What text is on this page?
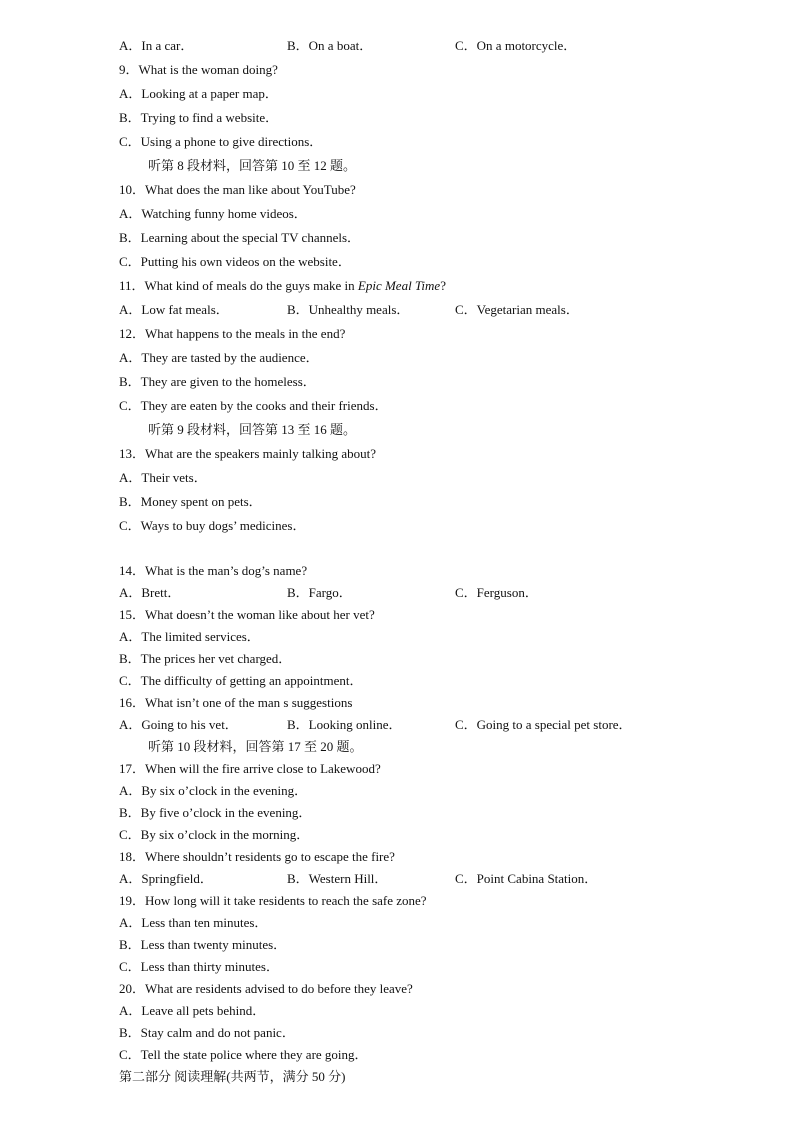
A．In a car．	B．On a boat．	C．On a motorcycle．
9．What is the woman doing?
A．Looking at a paper map．
B．Trying to find a website．
C．Using a phone to give directions．
听第 8 段材料，回答第 10 至 12 题。
10．What does the man like about YouTube?
A．Watching funny home videos．
B．Learning about the special TV channels．
C．Putting his own videos on the website．
11．What kind of meals do the guys make in Epic Meal Time?
A．Low fat meals．	B．Unhealthy meals．	C．Vegetarian meals．
12．What happens to the meals in the end?
A．They are tasted by the audience．
B．They are given to the homeless．
C．They are eaten by the cooks and their friends．
听第 9 段材料，回答第 13 至 16 题。
13．What are the speakers mainly talking about?
A．Their vets．
B．Money spent on pets．
C．Ways to buy dogs’ medicines．
14．What is the man’s dog’s name?
A．Brett．	B．Fargo．	C．Ferguson．
15．What doesn’t the woman like about her vet?
A．The limited services．
B．The prices her vet charged．
C．The difficulty of getting an appointment．
16．What isn’t one of the man s suggestions
A．Going to his vet．	B．Looking online．	C．Going to a special pet store．
听第 10 段材料，回答第 17 至 20 题。
17．When will the fire arrive close to Lakewood?
A．By six o’clock in the evening．
B．By five o’clock in the evening．
C．By six o’clock in the morning．
18．Where shouldn’t residents go to escape the fire?
A．Springfield．	B．Western Hill．	C．Point Cabina Station．
19．How long will it take residents to reach the safe zone?
A．Less than ten minutes．
B．Less than twenty minutes．
C．Less than thirty minutes．
20．What are residents advised to do before they leave?
A．Leave all pets behind．
B．Stay calm and do not panic．
C．Tell the state police where they are going．
第二部分 阅读理解(共两节，满分 50 分)
